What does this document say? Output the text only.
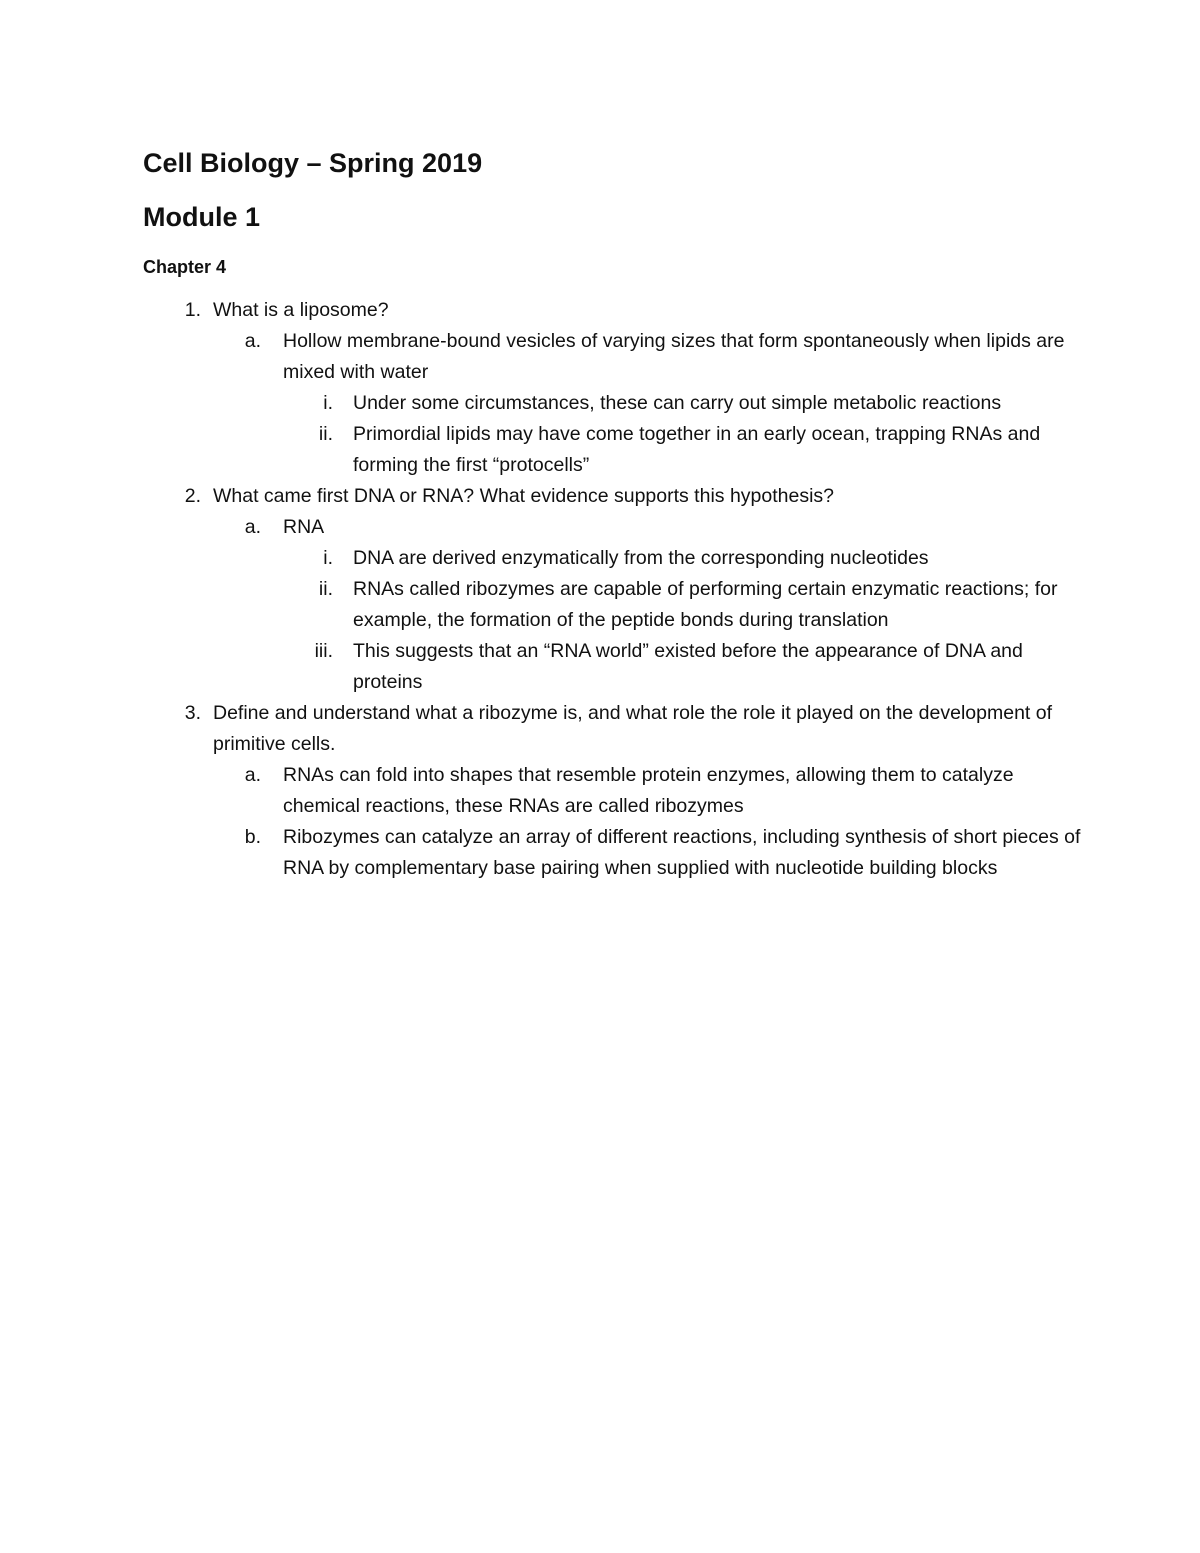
Cell Biology – Spring 2019
Module 1
Chapter 4
1. What is a liposome?
a. Hollow membrane-bound vesicles of varying sizes that form spontaneously when lipids are mixed with water
i. Under some circumstances, these can carry out simple metabolic reactions
ii. Primordial lipids may have come together in an early ocean, trapping RNAs and forming the first “protocells”
2. What came first DNA or RNA? What evidence supports this hypothesis?
a. RNA
i. DNA are derived enzymatically from the corresponding nucleotides
ii. RNAs called ribozymes are capable of performing certain enzymatic reactions; for example, the formation of the peptide bonds during translation
iii. This suggests that an “RNA world” existed before the appearance of DNA and proteins
3. Define and understand what a ribozyme is, and what role the role it played on the development of primitive cells.
a. RNAs can fold into shapes that resemble protein enzymes, allowing them to catalyze chemical reactions, these RNAs are called ribozymes
b. Ribozymes can catalyze an array of different reactions, including synthesis of short pieces of RNA by complementary base pairing when supplied with nucleotide building blocks
